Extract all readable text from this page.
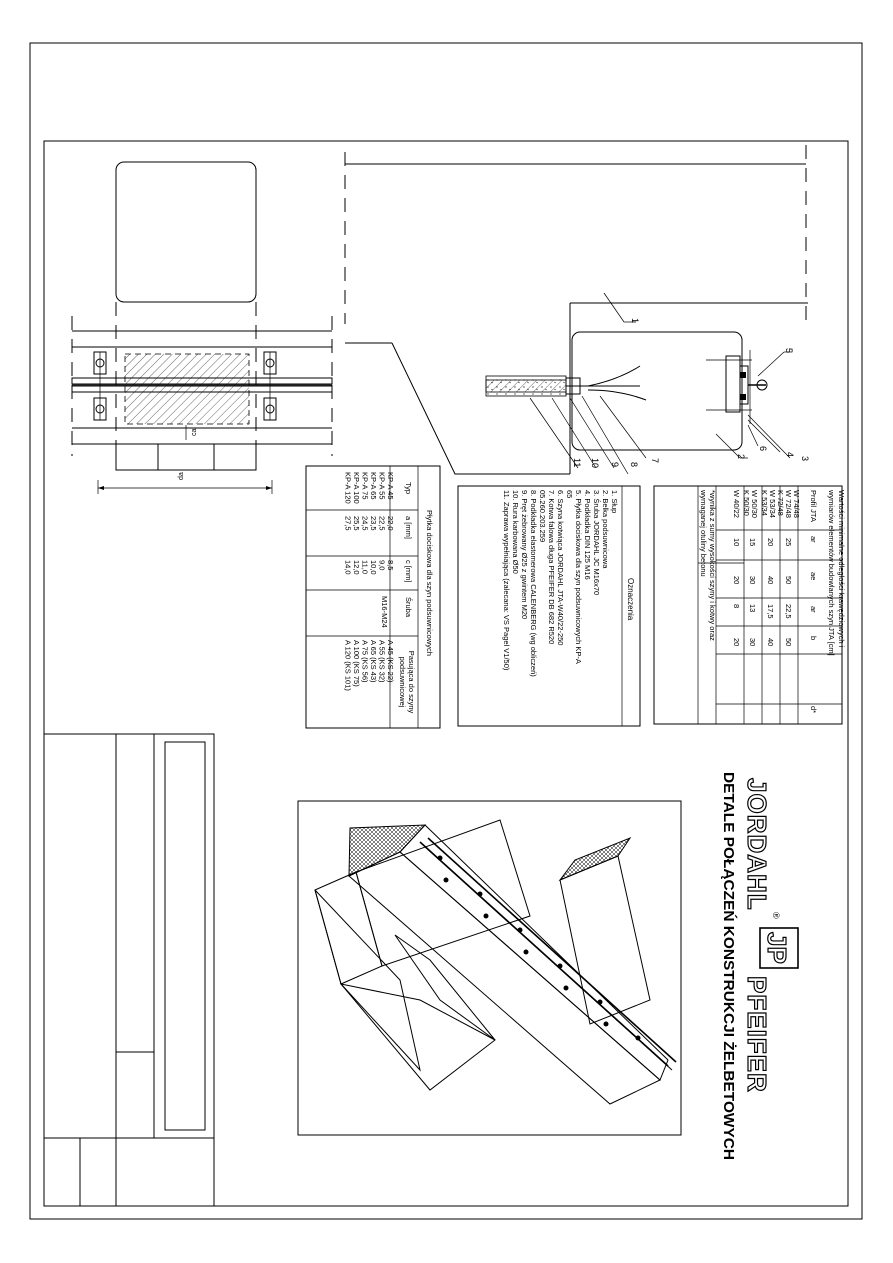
ca
da
1
2	3
4
5
6
7
8
9
10
11
Wartości minimalne odległości krawędziowych i
wymiarów elementów budowlanych szyn JTA [cm]
Profil JTA
ar
ae
ar
b
d*
W 74/48
W 72/48
K 72/48
W 53/34
K 53/34
25
50
22,5
50
20
40
17,5
40
W 50/30
K 50/30
15
30
13
30
W 40/22
10
20
8
20
*wynika z sumy wysokości szyny i kotwy oraz
wymaganej otuliny betonu
Oznaczenia
1. Słup
2. Belka podsuwnicowa
3. Śruba JORDAHL JC M16x70
4. Podkładka DIN 125 M16
5. Płytka dociskowa dla szyn podsuwnicowych KP-A
65
6. Szyna kotwiąca JORDAHL JTA-W40/22-250
7. Kotwa falowa długa PFEIFER DB 682 R520
05.260.203.259
8. Podkładka elastomerowa CALENBERG (wg obliczeń)
9. Pręt żebrowany Ø25 z gwintem M20
10. Rura karbowana Ø50
11. Zaprawa wypełniająca (zalecana: VS Pagel V1/50)
Płytka dociskowa dla szyn podsuwnicowych
Typ
a [mm]
c [mm]
Śruba
Pasująca do szyny podsuwnicowej
M16-M24
KP-A 45
22,0
8,5
A 45 (KS 22)
KP-A 55
22,5
9,0
A 55 (KS 32)
KP-A 65
23,5
10,0
A 65 (KS 43)
KP-A 75
24,5
11,0
A 75 (KS 56)
KP-A 100
25,5
12,0
A 100 (KS 75)
KP-A 120
27,5
14,0
A 120 (KS 101)
JORDAHL
®
JP
PFEIFER
DETALE POŁĄCZEŃ KONSTRUKCJI ŻELBETOWYCH
